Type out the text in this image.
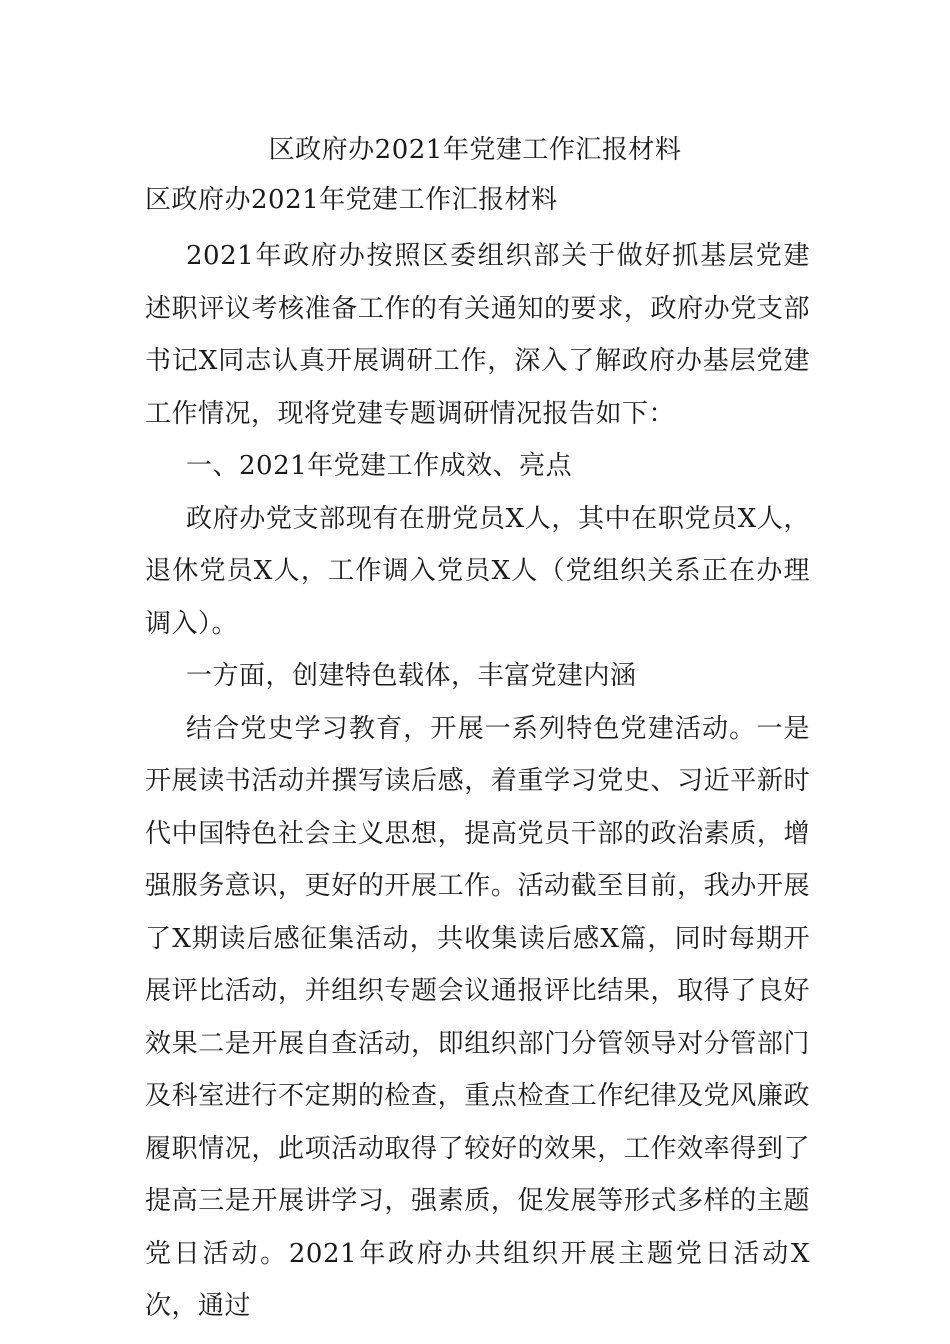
区政府办2021年党建工作汇报材料
区政府办2021年党建工作汇报材料

2021年政府办按照区委组织部关于做好抓基层党建述职评议考核准备工作的有关通知的要求，政府办党支部书记X同志认真开展调研工作，深入了解政府办基层党建工作情况，现将党建专题调研情况报告如下：

一、2021年党建工作成效、亮点

政府办党支部现有在册党员X人，其中在职党员X人，退休党员X人，工作调入党员X人（党组织关系正在办理调入）。

一方面，创建特色载体，丰富党建内涵

结合党史学习教育，开展一系列特色党建活动。一是开展读书活动并撰写读后感，着重学习党史、习近平新时代中国特色社会主义思想，提高党员干部的政治素质，增强服务意识，更好的开展工作。活动截至目前，我办开展了X期读后感征集活动，共收集读后感X篇，同时每期开展评比活动，并组织专题会议通报评比结果，取得了良好效果二是开展自查活动，即组织部门分管领导对分管部门及科室进行不定期的检查，重点检查工作纪律及党风廉政履职情况，此项活动取得了较好的效果，工作效率得到了提高三是开展讲学习，强素质，促发展等形式多样的主题党日活动。2021年政府办共组织开展主题党日活动X次，通过
